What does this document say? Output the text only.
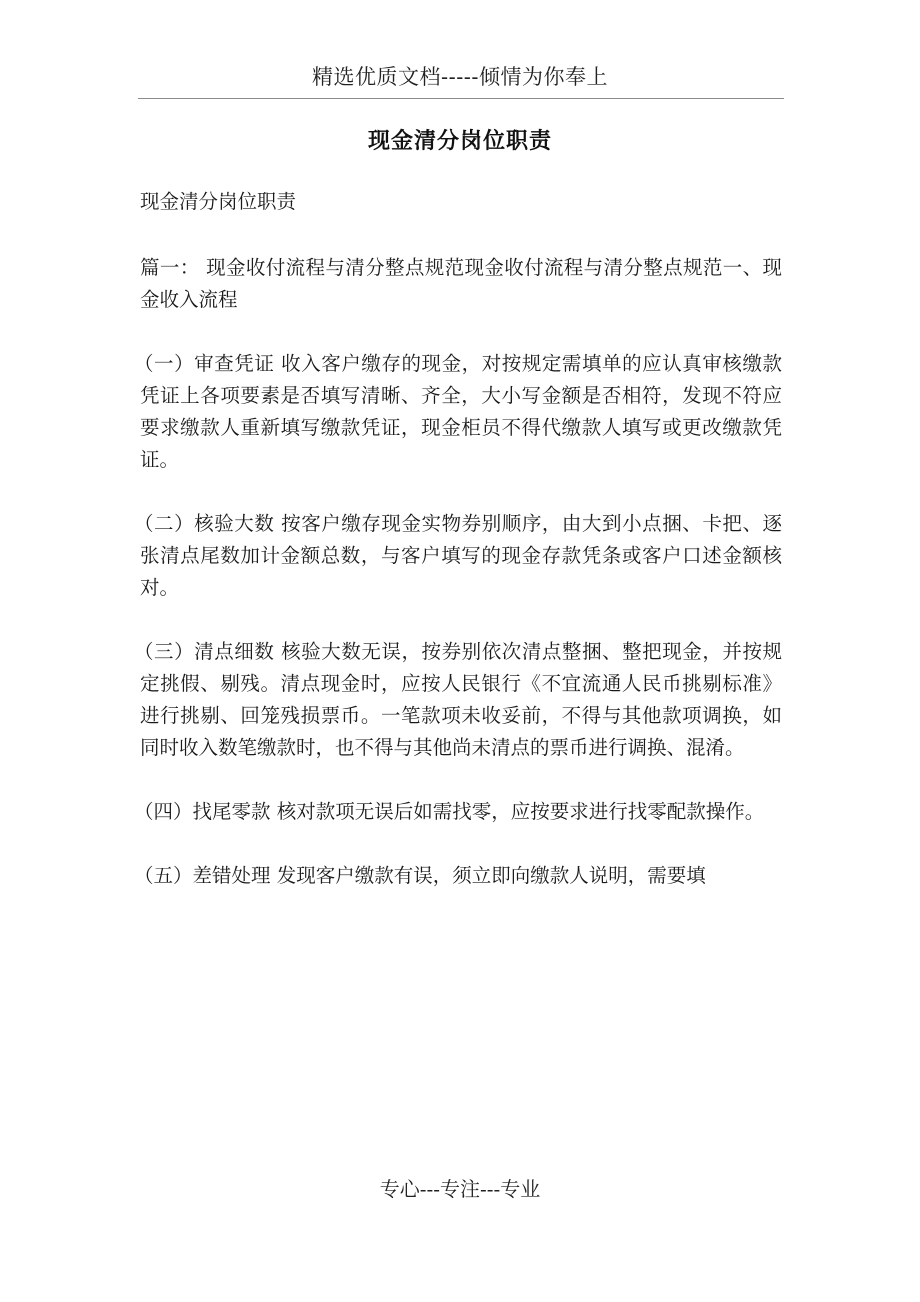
精选优质文档-----倾情为你奉上
现金清分岗位职责

现金清分岗位职责

篇一： 现金收付流程与清分整点规范现金收付流程与清分整点规范一、现金收入流程

（一）审查凭证 收入客户缴存的现金，对按规定需填单的应认真审核缴款凭证上各项要素是否填写清晰、齐全，大小写金额是否相符，发现不符应要求缴款人重新填写缴款凭证，现金柜员不得代缴款人填写或更改缴款凭证。

（二）核验大数 按客户缴存现金实物券别顺序，由大到小点捆、卡把、逐张清点尾数加计金额总数，与客户填写的现金存款凭条或客户口述金额核对。

（三）清点细数 核验大数无误，按券别依次清点整捆、整把现金，并按规定挑假、剔残。清点现金时，应按人民银行《不宜流通人民币挑剔标准》进行挑剔、回笼残损票币。一笔款项未收妥前，不得与其他款项调换，如同时收入数笔缴款时，也不得与其他尚未清点的票币进行调换、混淆。

（四）找尾零款 核对款项无误后如需找零，应按要求进行找零配款操作。

（五）差错处理 发现客户缴款有误，须立即向缴款人说明，需要填

专心---专注---专业
